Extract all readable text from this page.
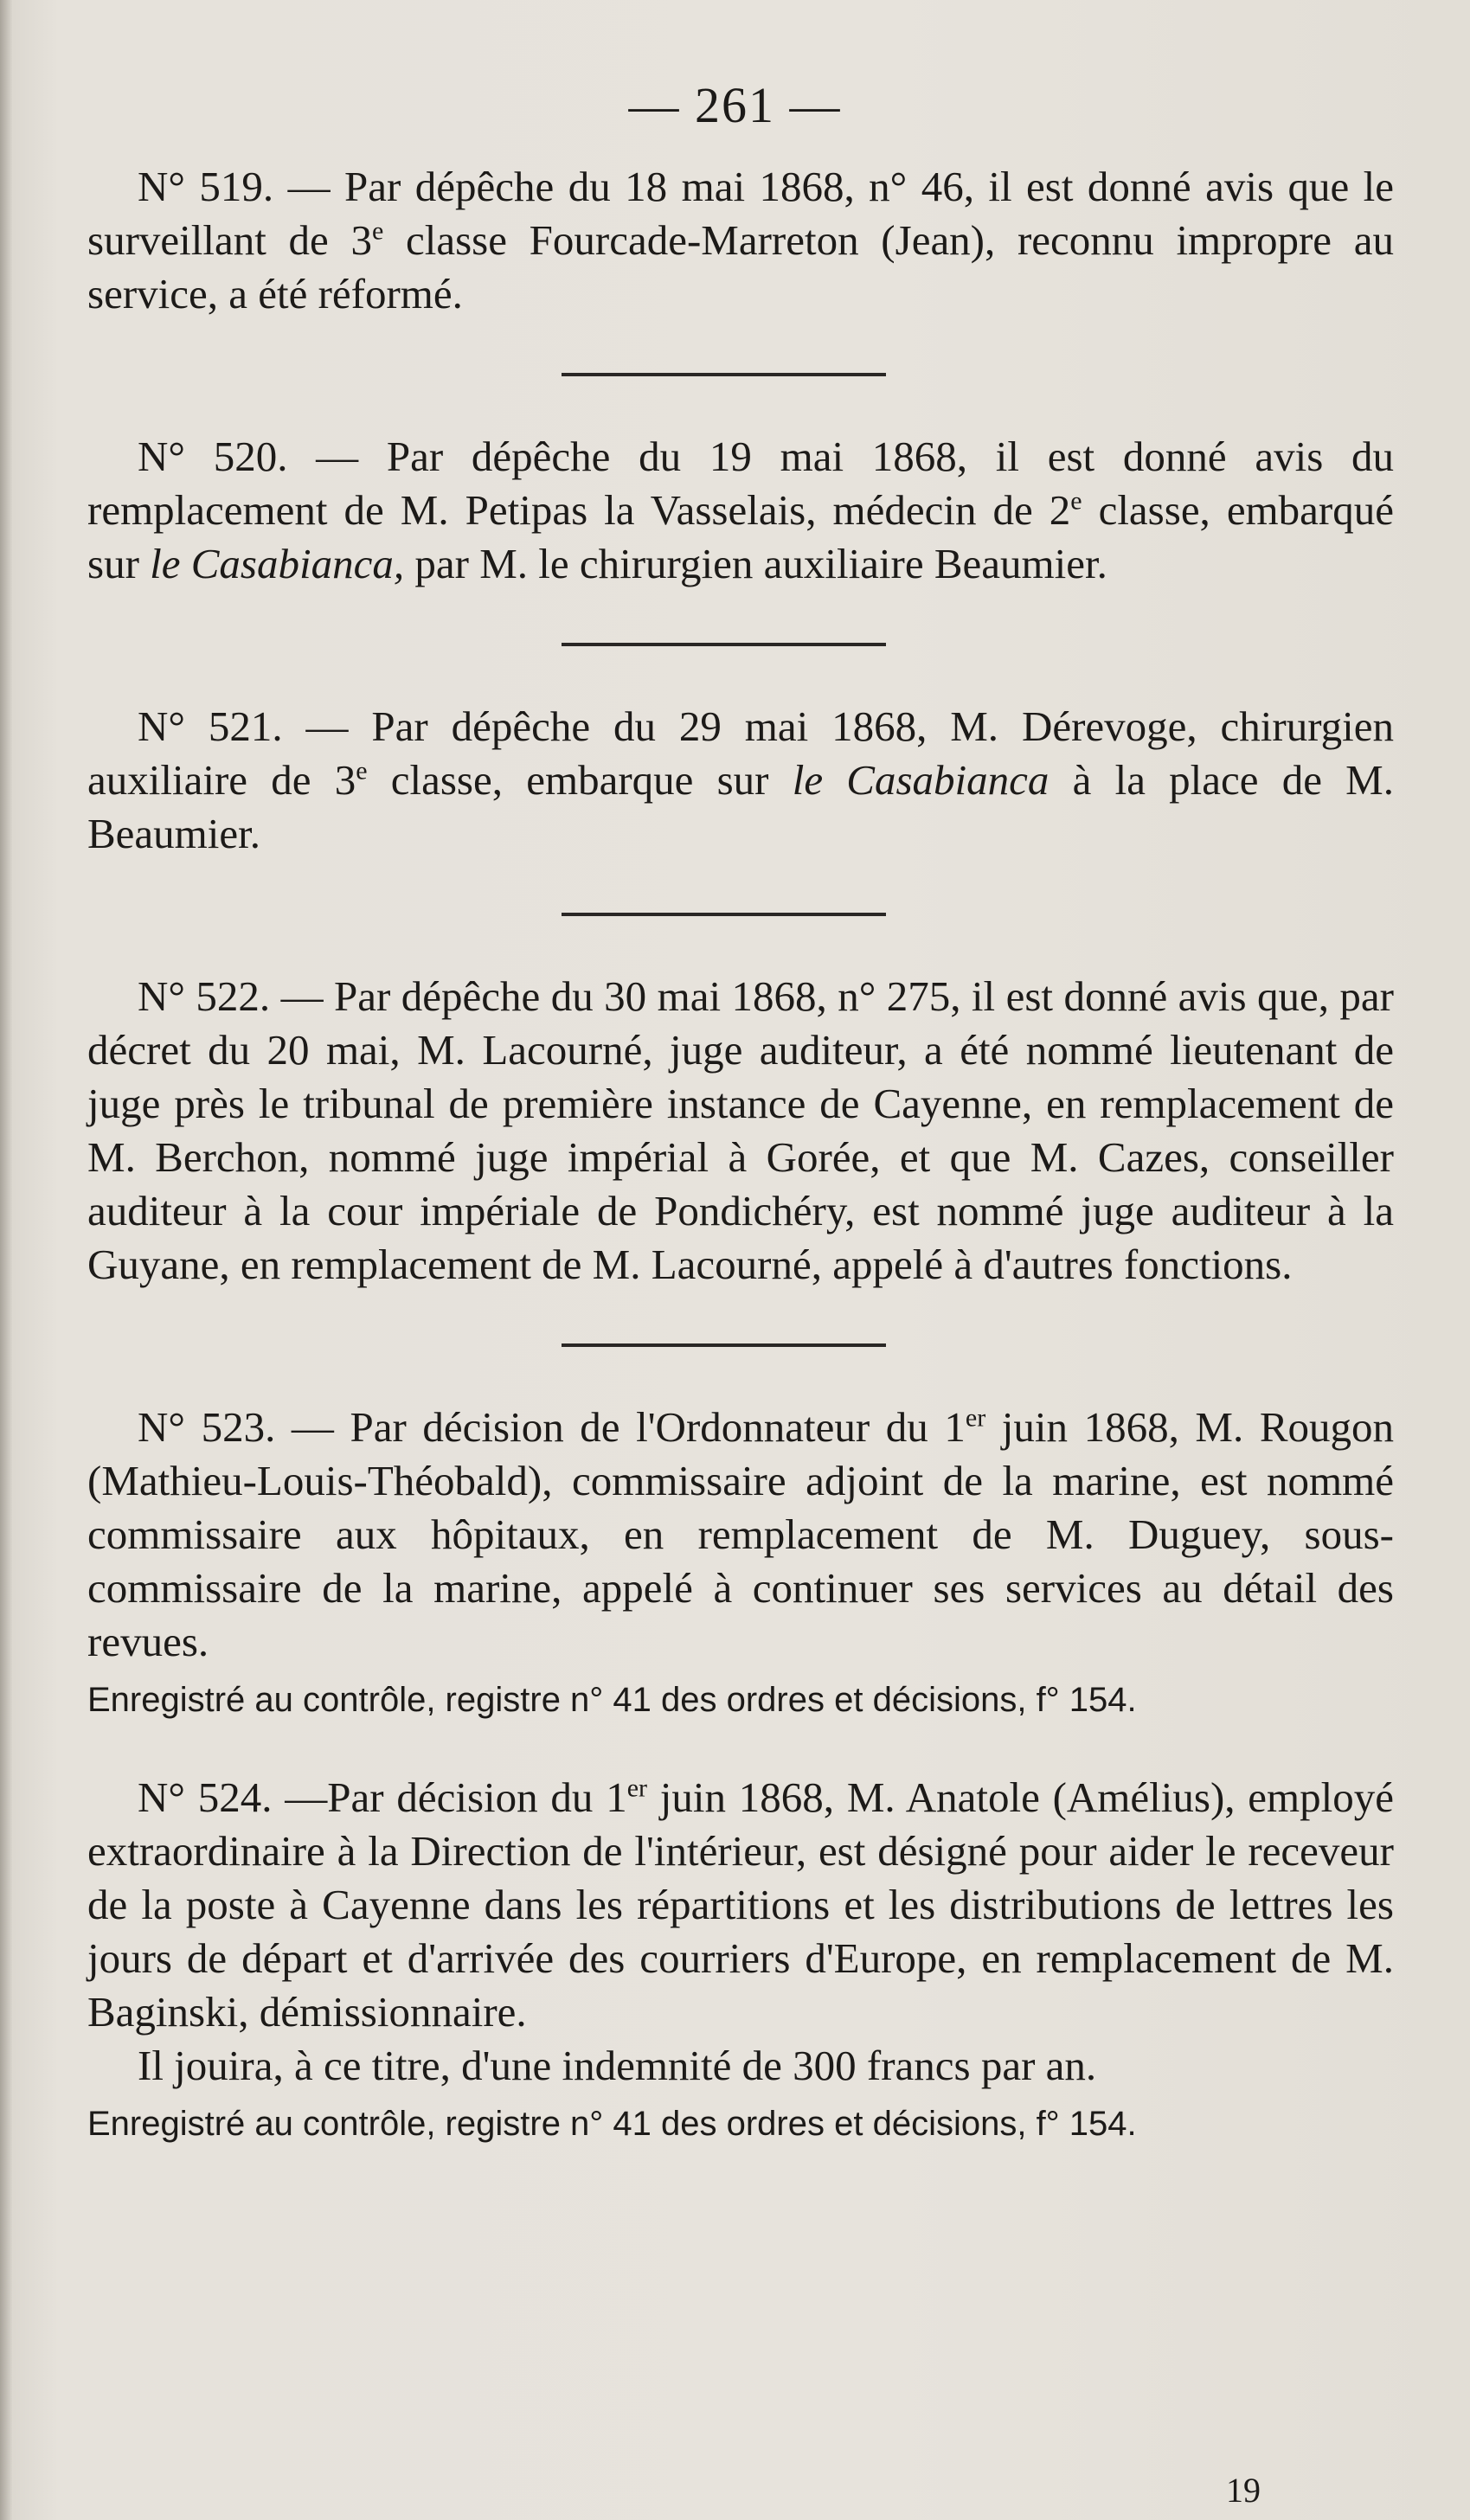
— 261 —

N° 519. — Par dépêche du 18 mai 1868, n° 46, il est donné avis que le surveillant de 3e classe Fourcade-Marreton (Jean), reconnu impropre au service, a été réformé.

N° 520. — Par dépêche du 19 mai 1868, il est donné avis du remplacement de M. Petipas la Vasselais, médecin de 2e classe, embarqué sur le Casabianca, par M. le chirurgien auxiliaire Beaumier.

N° 521. — Par dépêche du 29 mai 1868, M. Dérevoge, chirurgien auxiliaire de 3e classe, embarque sur le Casabianca à la place de M. Beaumier.

N° 522. — Par dépêche du 30 mai 1868, n° 275, il est donné avis que, par décret du 20 mai, M. Lacourné, juge auditeur, a été nommé lieutenant de juge près le tribunal de première instance de Cayenne, en remplacement de M. Berchon, nommé juge impérial à Gorée, et que M. Cazes, conseiller auditeur à la cour impériale de Pondichéry, est nommé juge auditeur à la Guyane, en remplacement de M. Lacourné, appelé à d'autres fonctions.

N° 523. — Par décision de l'Ordonnateur du 1er juin 1868, M. Rougon (Mathieu-Louis-Théobald), commissaire adjoint de la marine, est nommé commissaire aux hôpitaux, en remplacement de M. Duguey, sous-commissaire de la marine, appelé à continuer ses services au détail des revues.

Enregistré au contrôle, registre n° 41 des ordres et décisions, f° 154.

N° 524. —Par décision du 1er juin 1868, M. Anatole (Amélius), employé extraordinaire à la Direction de l'intérieur, est désigné pour aider le receveur de la poste à Cayenne dans les répartitions et les distributions de lettres les jours de départ et d'arrivée des courriers d'Europe, en remplacement de M. Baginski, démissionnaire.

Il jouira, à ce titre, d'une indemnité de 300 francs par an.

Enregistré au contrôle, registre n° 41 des ordres et décisions, f° 154.

19
